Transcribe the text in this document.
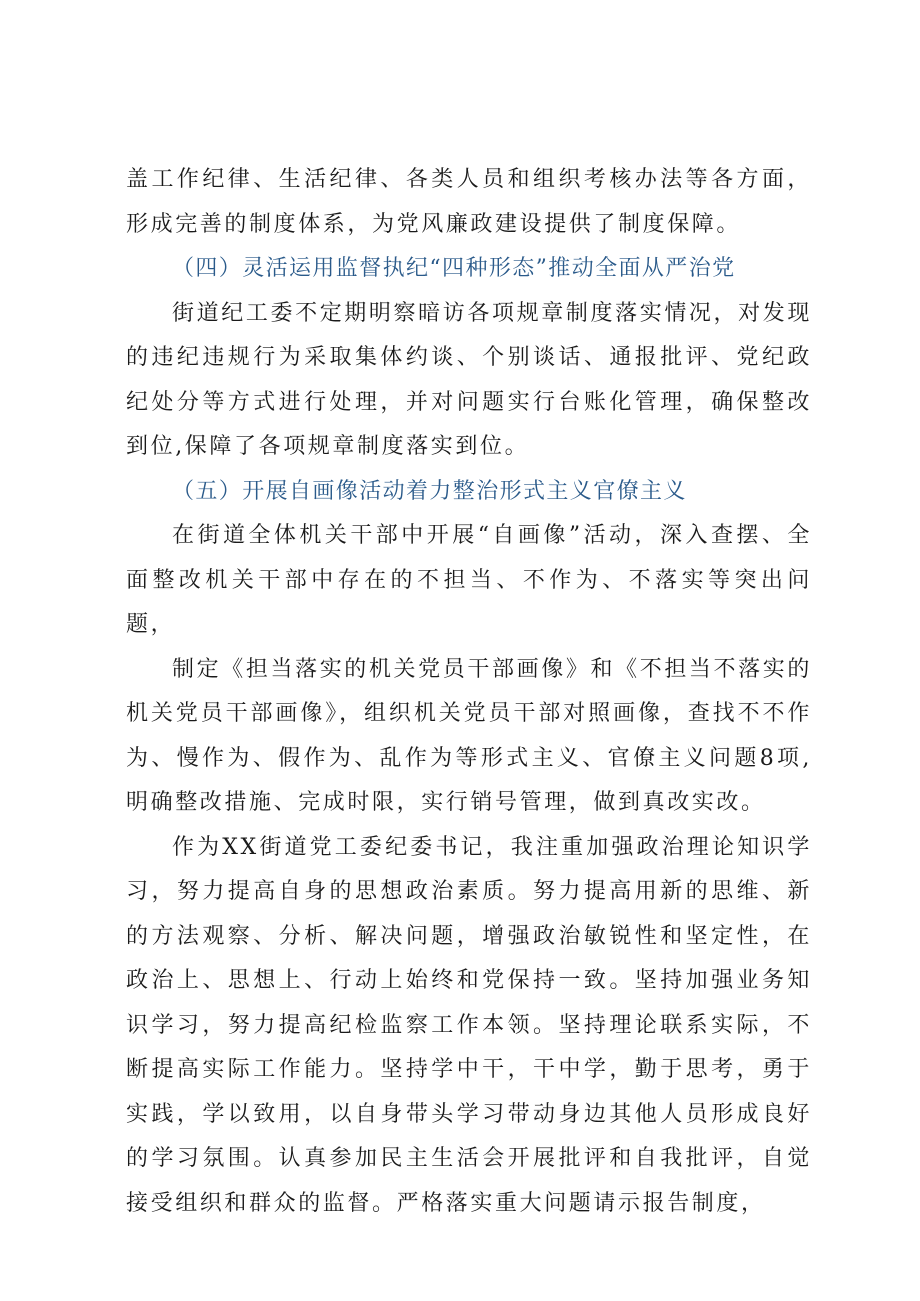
盖工作纪律、生活纪律、各类人员和组织考核办法等各方面，形成完善的制度体系，为党风廉政建设提供了制度保障。

（四）灵活运用监督执纪“四种形态”推动全面从严治党

街道纪工委不定期明察暗访各项规章制度落实情况，对发现的违纪违规行为采取集体约谈、个别谈话、通报批评、党纪政纪处分等方式进行处理，并对问题实行台账化管理，确保整改到位,保障了各项规章制度落实到位。

（五）开展自画像活动着力整治形式主义官僚主义

在街道全体机关干部中开展“自画像”活动，深入查摆、全面整改机关干部中存在的不担当、不作为、不落实等突出问题，

制定《担当落实的机关党员干部画像》和《不担当不落实的机关党员干部画像》，组织机关党员干部对照画像，查找不不作为、慢作为、假作为、乱作为等形式主义、官僚主义问题8项,明确整改措施、完成时限，实行销号管理，做到真改实改。

作为XX街道党工委纪委书记，我注重加强政治理论知识学习，努力提高自身的思想政治素质。努力提高用新的思维、新的方法观察、分析、解决问题，增强政治敏锐性和坚定性，在政治上、思想上、行动上始终和党保持一致。坚持加强业务知识学习，努力提高纪检监察工作本领。坚持理论联系实际，不断提高实际工作能力。坚持学中干，干中学，勤于思考，勇于实践，学以致用，以自身带头学习带动身边其他人员形成良好的学习氛围。认真参加民主生活会开展批评和自我批评，自觉接受组织和群众的监督。严格落实重大问题请示报告制度，
